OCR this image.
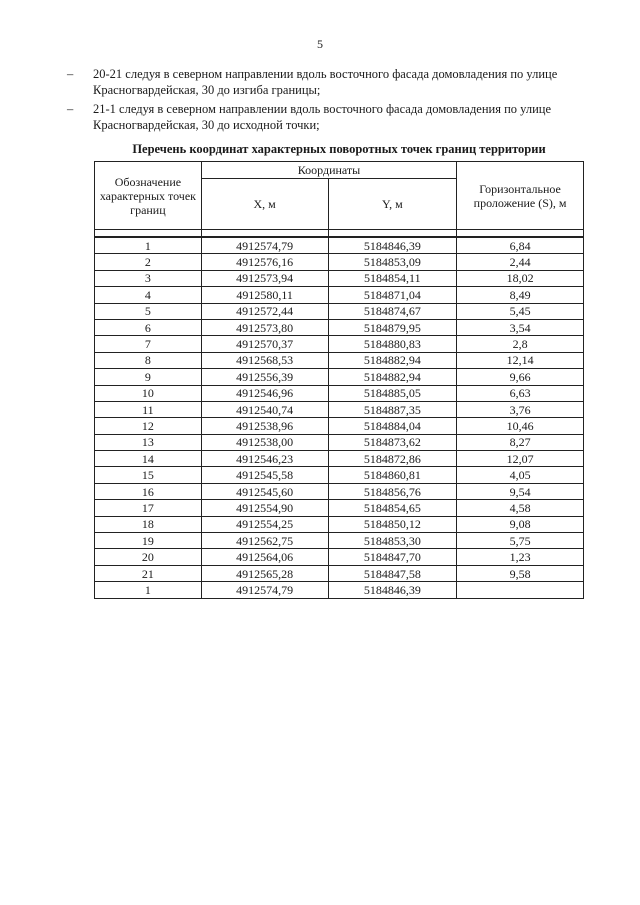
5
– 20-21 следуя в северном направлении вдоль восточного фасада домовладения по улице Красногвардейская, 30 до изгиба границы;
– 21-1 следуя в северном направлении вдоль восточного фасада домовладения по улице Красногвардейская, 30 до исходной точки;
Перечень координат характерных поворотных точек границ территории
Обозначение характерных точек границ	Координаты		Горизонтальное проложение (S), м
	X, м	Y, м	

1	4912574,79	5184846,39	6,84
2	4912576,16	5184853,09	2,44
3	4912573,94	5184854,11	18,02
4	4912580,11	5184871,04	8,49
5	4912572,44	5184874,67	5,45
6	4912573,80	5184879,95	3,54
7	4912570,37	5184880,83	2,8
8	4912568,53	5184882,94	12,14
9	4912556,39	5184882,94	9,66
10	4912546,96	5184885,05	6,63
11	4912540,74	5184887,35	3,76
12	4912538,96	5184884,04	10,46
13	4912538,00	5184873,62	8,27
14	4912546,23	5184872,86	12,07
15	4912545,58	5184860,81	4,05
16	4912545,60	5184856,76	9,54
17	4912554,90	5184854,65	4,58
18	4912554,25	5184850,12	9,08
19	4912562,75	5184853,30	5,75
20	4912564,06	5184847,70	1,23
21	4912565,28	5184847,58	9,58
1	4912574,79	5184846,39	
